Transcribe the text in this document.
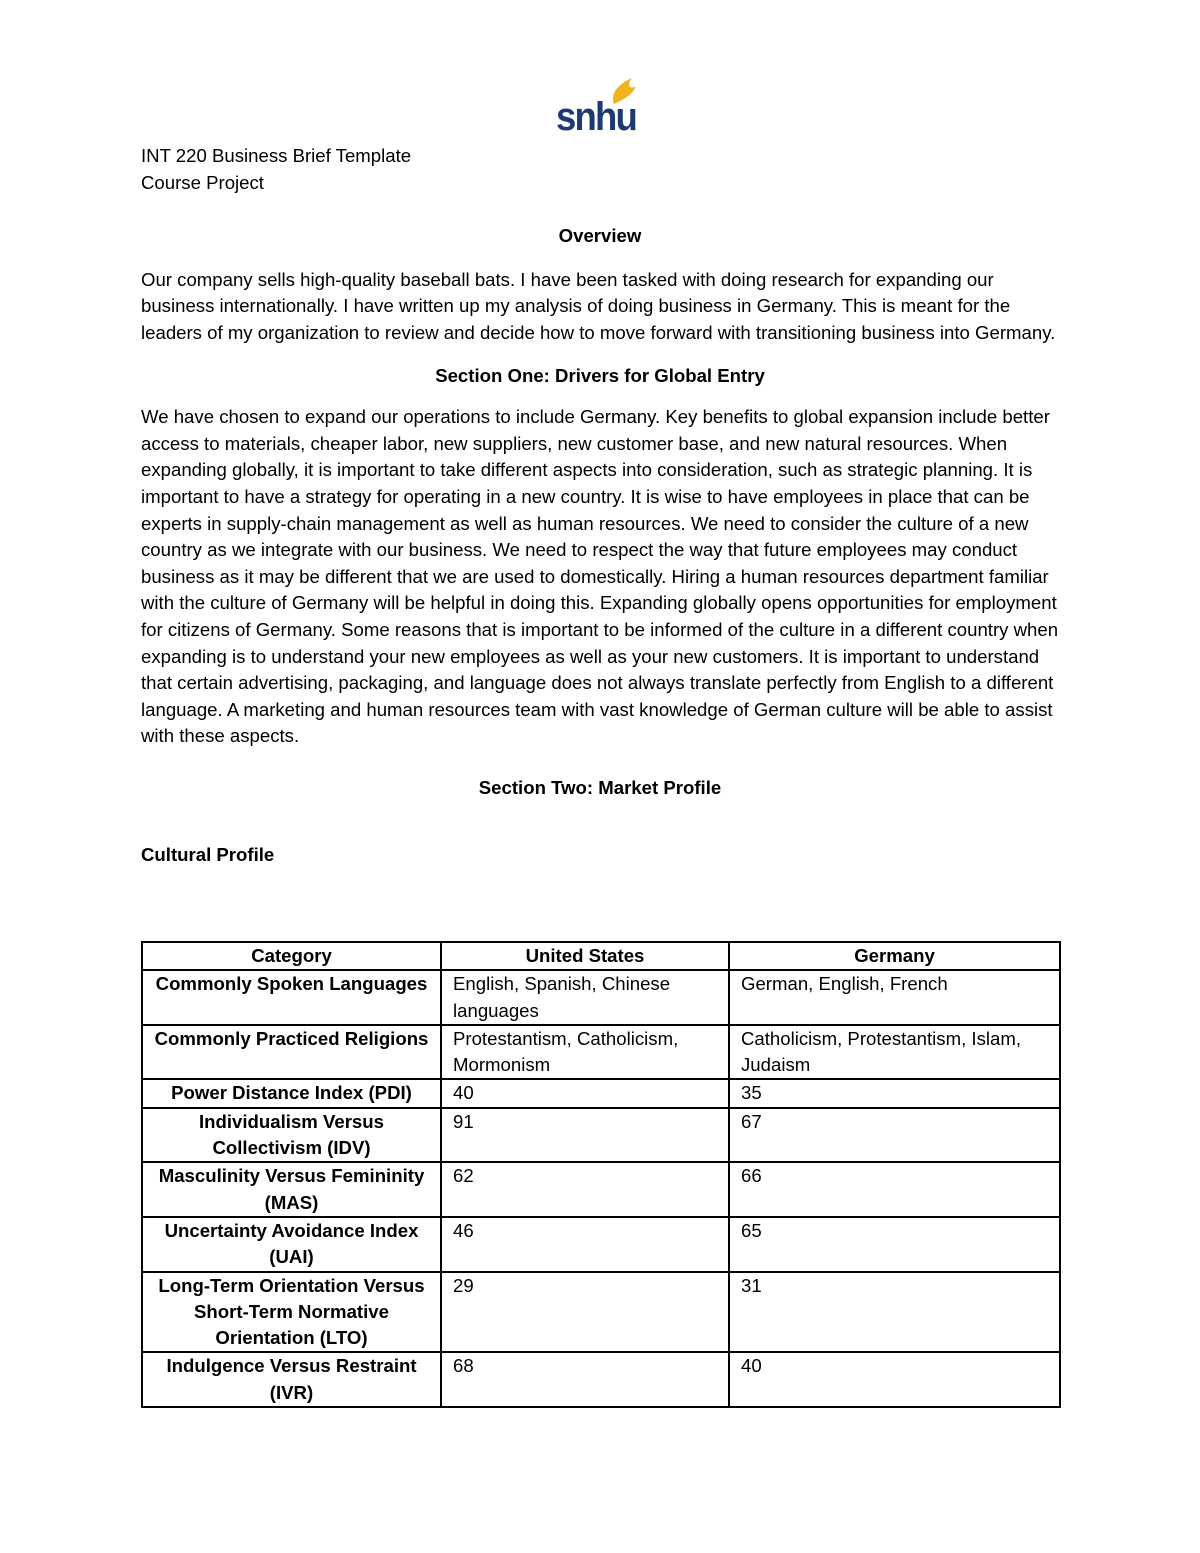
snhu

INT 220 Business Brief Template

Course Project

Overview

Our company sells high-quality baseball bats. I have been tasked with doing research for expanding our business internationally. I have written up my analysis of doing business in Germany. This is meant for the leaders of my organization to review and decide how to move forward with transitioning business into Germany.

Section One: Drivers for Global Entry

We have chosen to expand our operations to include Germany. Key benefits to global expansion include better access to materials, cheaper labor, new suppliers, new customer base, and new natural resources. When expanding globally, it is important to take different aspects into consideration, such as strategic planning. It is important to have a strategy for operating in a new country. It is wise to have employees in place that can be experts in supply-chain management as well as human resources. We need to consider the culture of a new country as we integrate with our business. We need to respect the way that future employees may conduct business as it may be different that we are used to domestically. Hiring a human resources department familiar with the culture of Germany will be helpful in doing this. Expanding globally opens opportunities for employment for citizens of Germany. Some reasons that is important to be informed of the culture in a different country when expanding is to understand your new employees as well as your new customers. It is important to understand that certain advertising, packaging, and language does not always translate perfectly from English to a different language. A marketing and human resources team with vast knowledge of German culture will be able to assist with these aspects.

Section Two: Market Profile

Cultural Profile

Category	United States	Germany
Commonly Spoken Languages	English, Spanish, Chinese languages	German, English, French
Commonly Practiced Religions	Protestantism, Catholicism, Mormonism	Catholicism, Protestantism, Islam, Judaism
Power Distance Index (PDI)	40	35
Individualism Versus Collectivism (IDV)	91	67
Masculinity Versus Femininity (MAS)	62	66
Uncertainty Avoidance Index (UAI)	46	65
Long-Term Orientation Versus Short-Term Normative Orientation (LTO)	29	31
Indulgence Versus Restraint (IVR)	68	40
